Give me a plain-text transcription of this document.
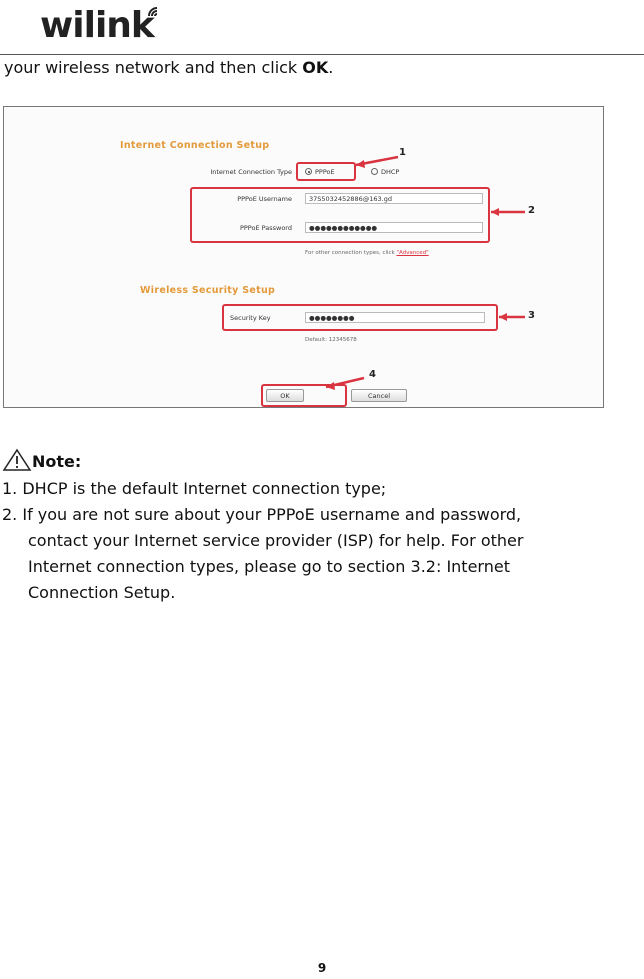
wilink
your wireless network and then click OK.
Internet Connection Setup
Internet Connection Type	PPPoE	DHCP
PPPoE Username	37S5032452886@163.gd
PPPoE Password	●●●●●●●●●●●●
For other connection types, click "Advanced"
Wireless Security Setup
Security Key	●●●●●●●●
Default: 12345678
OK	Cancel
1
2
3
4
Note:
1. DHCP is the default Internet connection type;
2. If you are not sure about your PPPoE username and password,
contact your Internet service provider (ISP) for help. For other
Internet connection types, please go to section 3.2: Internet
Connection Setup.
9
